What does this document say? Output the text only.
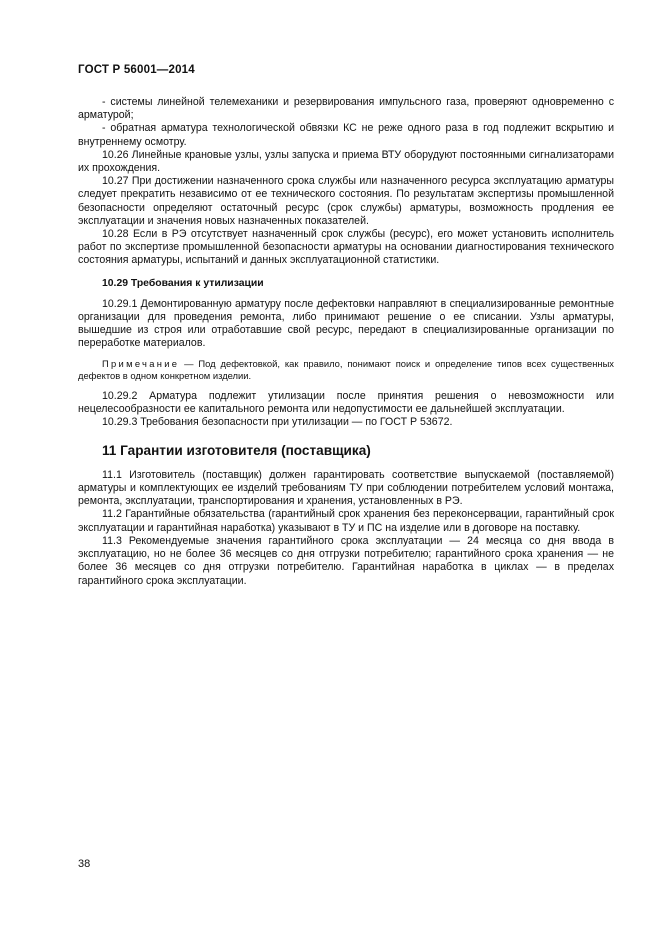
ГОСТ Р 56001—2014

- системы линейной телемеханики и резервирования импульсного газа, проверяют одновременно с арматурой;

- обратная арматура технологической обвязки КС не реже одного раза в год подлежит вскрытию и внутреннему осмотру.

10.26 Линейные крановые узлы, узлы запуска и приема ВТУ оборудуют постоянными сигнализаторами их прохождения.

10.27 При достижении назначенного срока службы или назначенного ресурса эксплуатацию арматуры следует прекратить независимо от ее технического состояния. По результатам экспертизы промышленной безопасности определяют остаточный ресурс (срок службы) арматуры, возможность продления ее эксплуатации и значения новых назначенных показателей.

10.28 Если в РЭ отсутствует назначенный срок службы (ресурс), его может установить исполнитель работ по экспертизе промышленной безопасности арматуры на основании диагностирования технического состояния арматуры, испытаний и данных эксплуатационной статистики.

10.29 Требования к утилизации

10.29.1 Демонтированную арматуру после дефектовки направляют в специализированные ремонтные организации для проведения ремонта, либо принимают решение о ее списании. Узлы арматуры, вышедшие из строя или отработавшие свой ресурс, передают в специализированные организации по переработке материалов.

Примечание — Под дефектовкой, как правило, понимают поиск и определение типов всех существенных дефектов в одном конкретном изделии.

10.29.2 Арматура подлежит утилизации после принятия решения о невозможности или нецелесообразности ее капитального ремонта или недопустимости ее дальнейшей эксплуатации.

10.29.3 Требования безопасности при утилизации — по ГОСТ Р 53672.

11 Гарантии изготовителя (поставщика)

11.1 Изготовитель (поставщик) должен гарантировать соответствие выпускаемой (поставляемой) арматуры и комплектующих ее изделий требованиям ТУ при соблюдении потребителем условий монтажа, ремонта, эксплуатации, транспортирования и хранения, установленных в РЭ.

11.2 Гарантийные обязательства (гарантийный срок хранения без переконсервации, гарантийный срок эксплуатации и гарантийная наработка) указывают в ТУ и ПС на изделие или в договоре на поставку.

11.3 Рекомендуемые значения гарантийного срока эксплуатации — 24 месяца со дня ввода в эксплуатацию, но не более 36 месяцев со дня отгрузки потребителю; гарантийного срока хранения — не более 36 месяцев со дня отгрузки потребителю. Гарантийная наработка в циклах — в пределах гарантийного срока эксплуатации.

38
